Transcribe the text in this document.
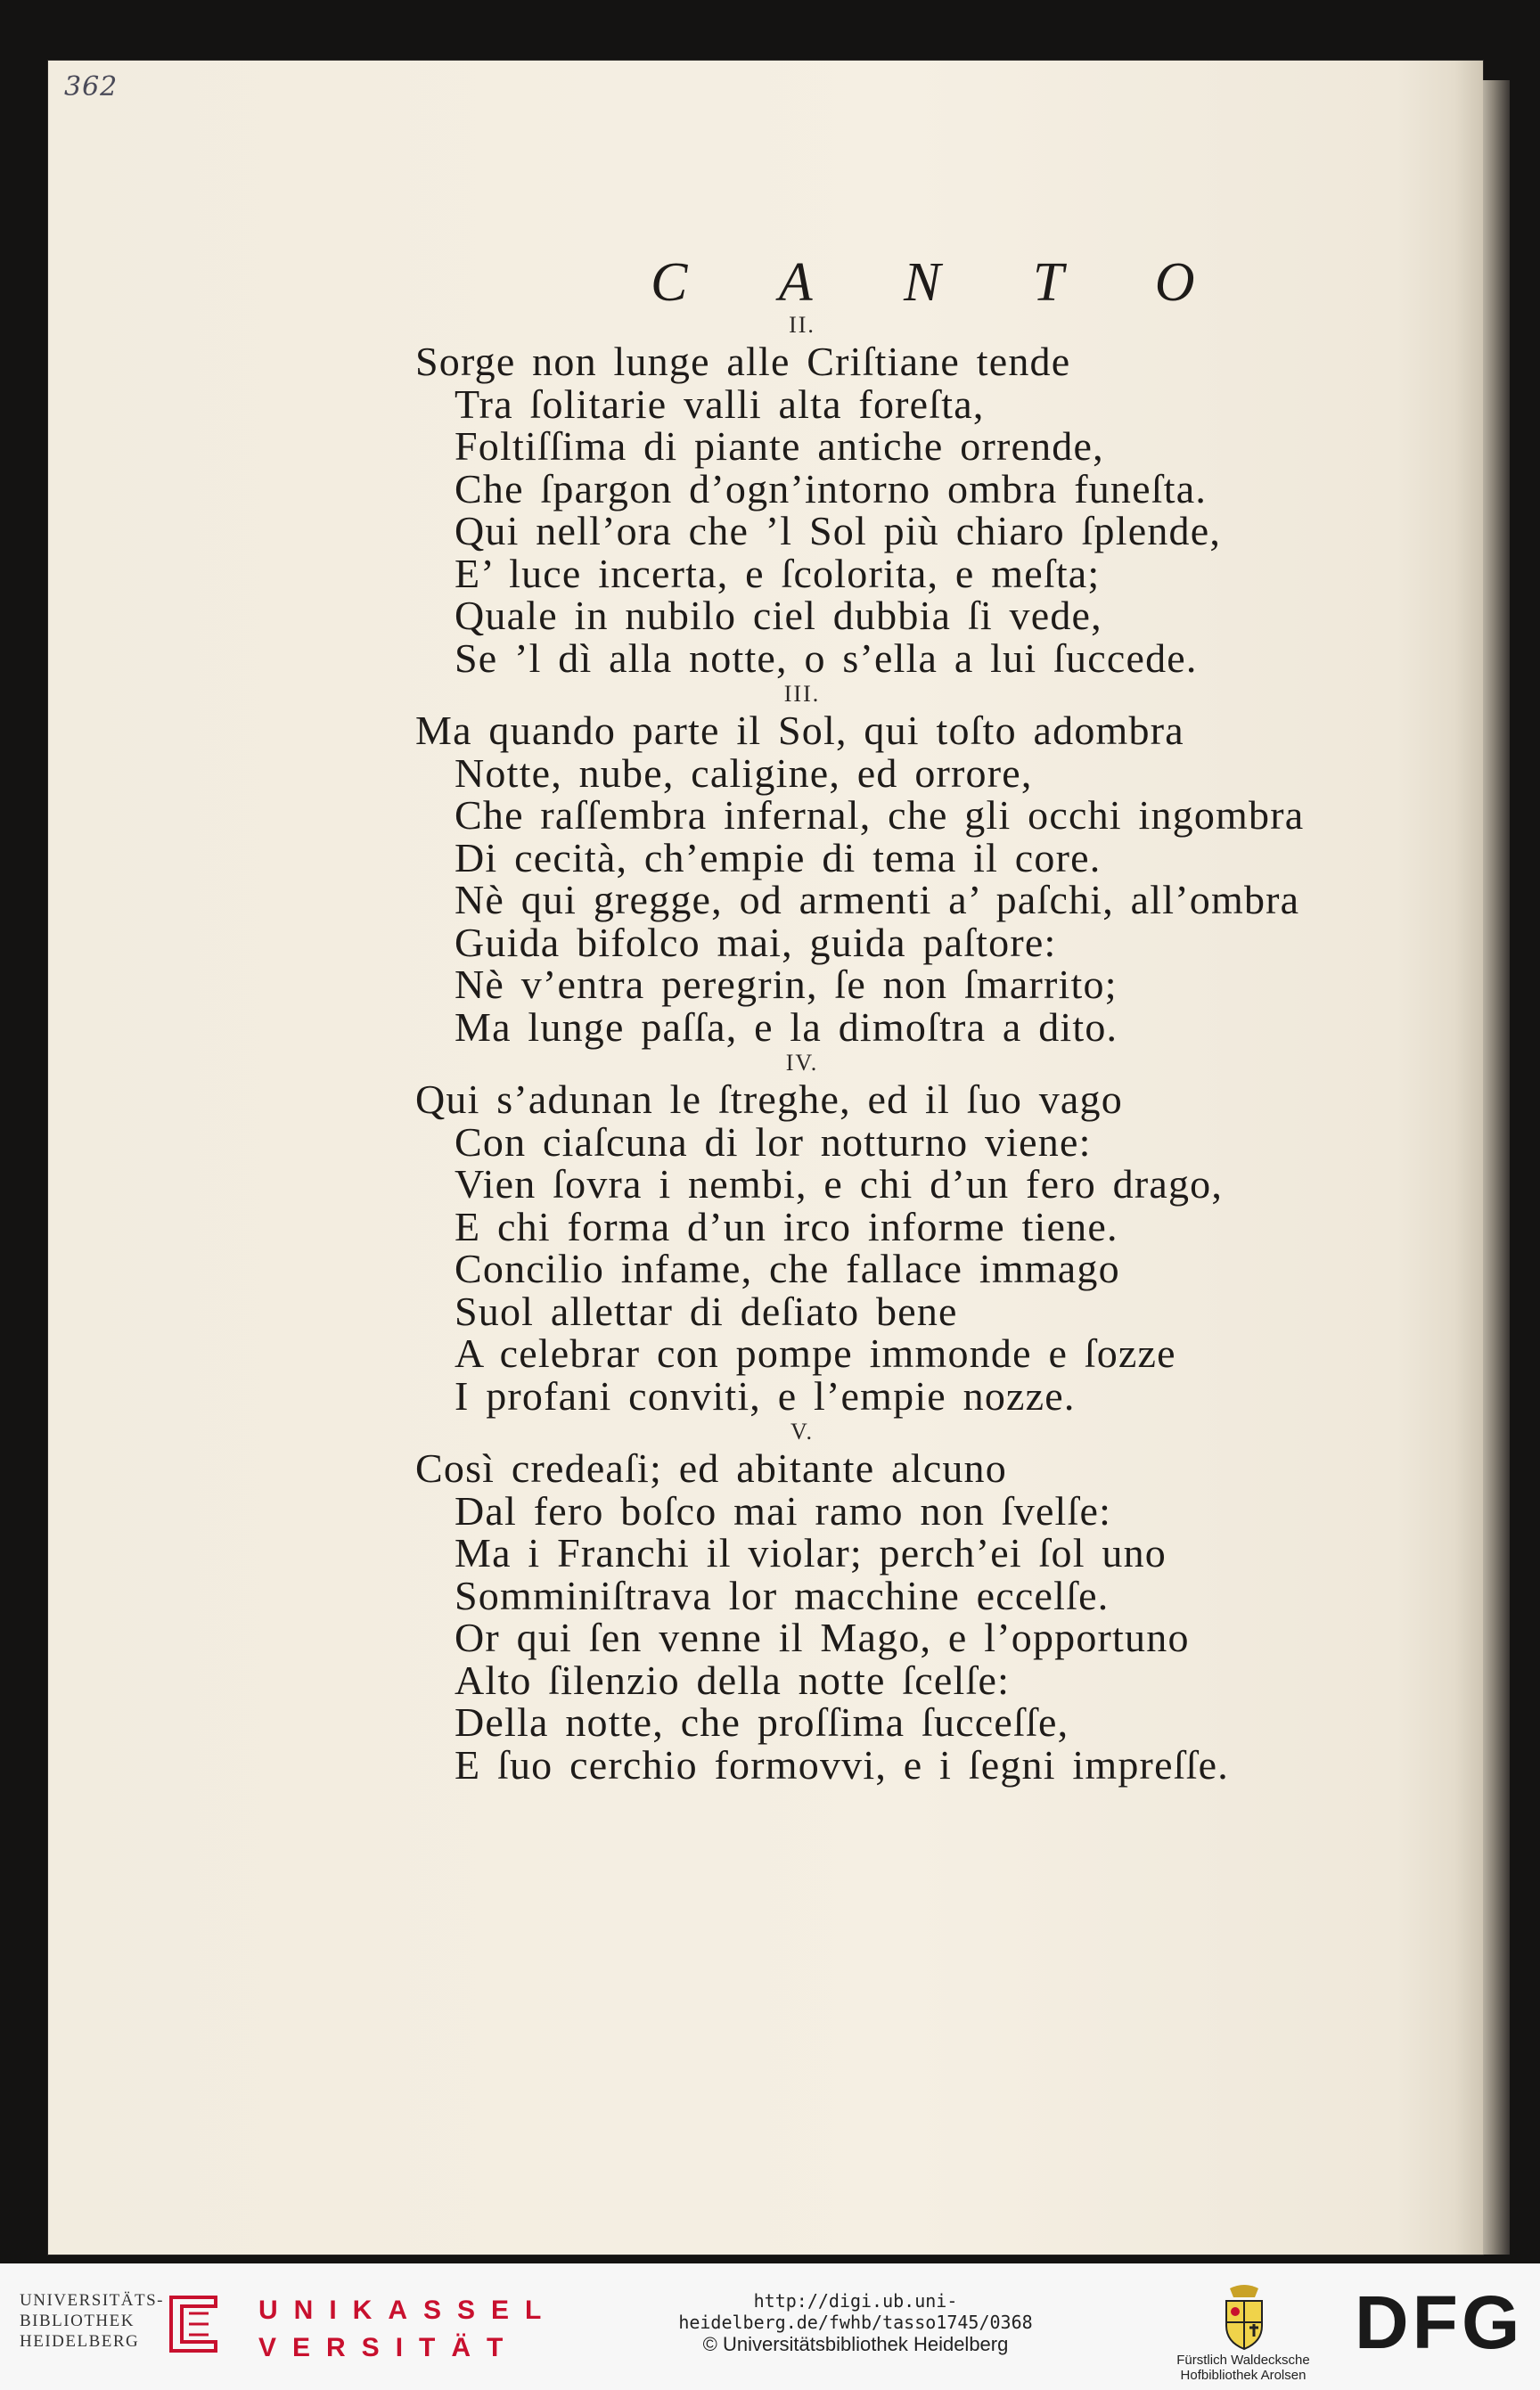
362
C A N T O
II.
Sorge non lunge alle Criſtiane tende
Tra ſolitarie valli alta foreſta,
Foltiſſima di piante antiche orrende,
Che ſpargon d’ogn’intorno ombra funeſta.
Qui nell’ora che ’l Sol più chiaro ſplende,
E’ luce incerta, e ſcolorita, e meſta;
Quale in nubilo ciel dubbia ſi vede,
Se ’l dì alla notte, o s’ella a lui ſuccede.
III.
Ma quando parte il Sol, qui toſto adombra
Notte, nube, caligine, ed orrore,
Che raſſembra infernal, che gli occhi ingombra
Di cecità, ch’empie di tema il core.
Nè qui gregge, od armenti a’ paſchi, all’ombra
Guida bifolco mai, guida paſtore:
Nè v’entra peregrin, ſe non ſmarrito;
Ma lunge paſſa, e la dimoſtra a dito.
IV.
Qui s’adunan le ſtreghe, ed il ſuo vago
Con ciaſcuna di lor notturno viene:
Vien ſovra i nembi, e chi d’un fero drago,
E chi forma d’un irco informe tiene.
Concilio infame, che fallace immago
Suol allettar di deſiato bene
A celebrar con pompe immonde e ſozze
I profani conviti, e l’empie nozze.
V.
Così credeaſi; ed abitante alcuno
Dal fero boſco mai ramo non ſvelſe:
Ma i Franchi il violar; perch’ei ſol uno
Somminiſtrava lor macchine eccelſe.
Or qui ſen venne il Mago, e l’opportuno
Alto ſilenzio della notte ſcelſe:
Della notte, che proſſima ſucceſſe,
E ſuo cerchio formovvi, e i ſegni impreſſe.
UNIVERSITÄTS-
BIBLIOTHEK
HEIDELBERG
UNIKASSEL
VERSITÄT
http://digi.ub.uni-heidelberg.de/fwhb/tasso1745/0368
© Universitätsbibliothek Heidelberg
Fürstlich Waldecksche
Hofbibliothek Arolsen
DFG
